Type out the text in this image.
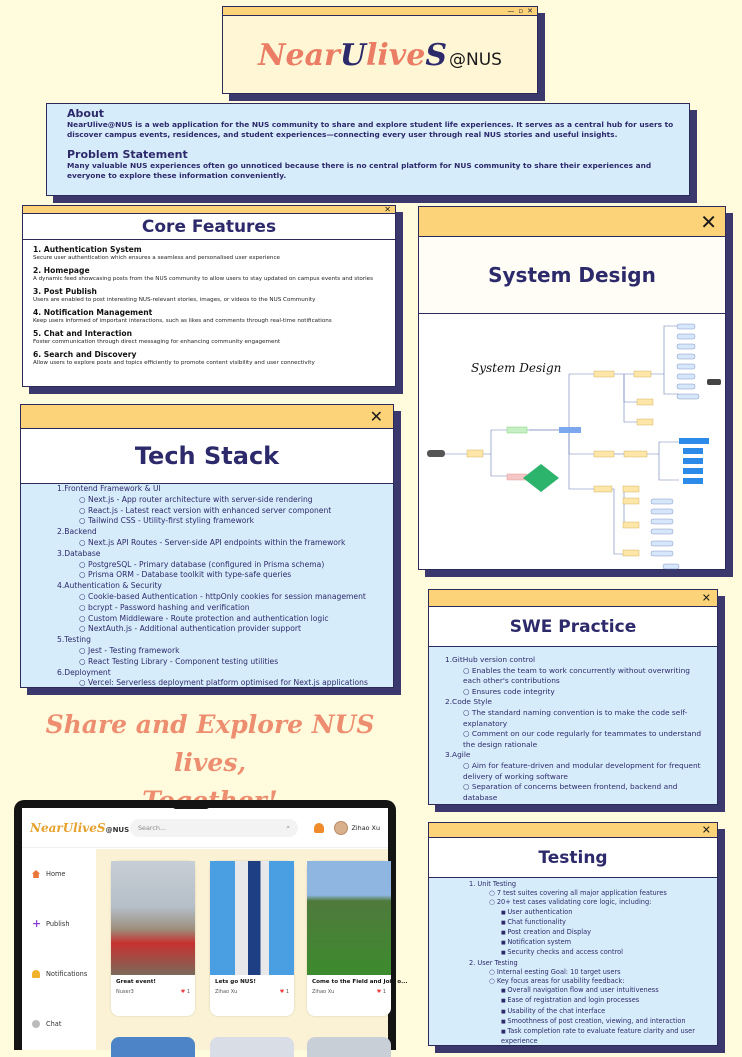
— ▫ ✕
Near U live S @NUS
About

NearUlive@NUS is a web application for the NUS community to share and explore student life experiences. It serves as a central hub for users to discover campus events, residences, and student experiences—connecting every user through real NUS stories and useful insights.

Problem Statement

Many valuable NUS experiences often go unnoticed because there is no central platform for NUS community to share their experiences and everyone to explore these information conveniently.

✕
Core Features
1. Authentication System
Secure user authentication which ensures a seamless and personalised user experience
2. Homepage
A dynamic feed showcasing posts from the NUS community to allow users to stay updated on campus events and stories
3. Post Publish
Users are enabled to post interesting NUS-relevant stories, images, or videos to the NUS Community
4. Notification Management
Keep users informed of important interactions, such as likes and comments through real-time notifications
5. Chat and Interaction
Foster communication through direct messaging for enhancing community engagement
6. Search and Discovery
Allow users to explore posts and topics efficiently to promote content visibility and user connectivity
✕
Tech Stack
1.Frontend Framework & UI
○ Next.js - App router architecture with server-side rendering
○ React.js - Latest react version with enhanced server component
○ Tailwind CSS - Utility-first styling framework
2.Backend
○ Next.js API Routes - Server-side API endpoints within the framework
3.Database
○ PostgreSQL - Primary database (configured in Prisma schema)
○ Prisma ORM - Database toolkit with type-safe queries
4.Authentication & Security
○ Cookie-based Authentication - httpOnly cookies for session management
○ bcrypt - Password hashing and verification
○ Custom Middleware - Route protection and authentication logic
○ NextAuth.js - Additional authentication provider support
5.Testing
○ Jest - Testing framework
○ React Testing Library - Component testing utilities
6.Deployment
○ Vercel: Serverless deployment platform optimised for Next.js applications
✕
System Design
System Design
✕
SWE Practice
1.GitHub version control
○ Enables the team to work concurrently without overwriting each other's contributions
○ Ensures code integrity
2.Code Style
○ The standard naming convention is to make the code self-explanatory
○ Comment on our code regularly for teammates to understand the design rationale
3.Agile
○ Aim for feature-driven and modular development for frequent delivery of working software
○ Separation of concerns between frontend, backend and database
✕
Testing
1. Unit Testing
○ 7 test suites covering all major application features
○ 20+ test cases validating core logic, including:
■ User authentication
■ Chat functionality
■ Post creation and Display
■ Notification system
■ Security checks and access control
2. User Testing
○ Internal eesting Goal: 10 target users
○ Key focus areas for usability feedback:
■ Overall navigation flow and user intuitiveness
■ Ease of registration and login processes
■ Usability of the chat interface
■ Smoothness of post creation, viewing, and interaction
■ Task completion rate to evaluate feature clarity and user experience
Share and Explore NUS lives,
NearUliveS@NUS Search...	⌕	Zihao Xu
Home
+ Publish
Notifications
Chat
Great event!
Nuser3	♥ 1
Lets go NUS!
Zihao Xu	♥ 1
Come to the Field and Join o...
Zihao Xu	♥ 1
